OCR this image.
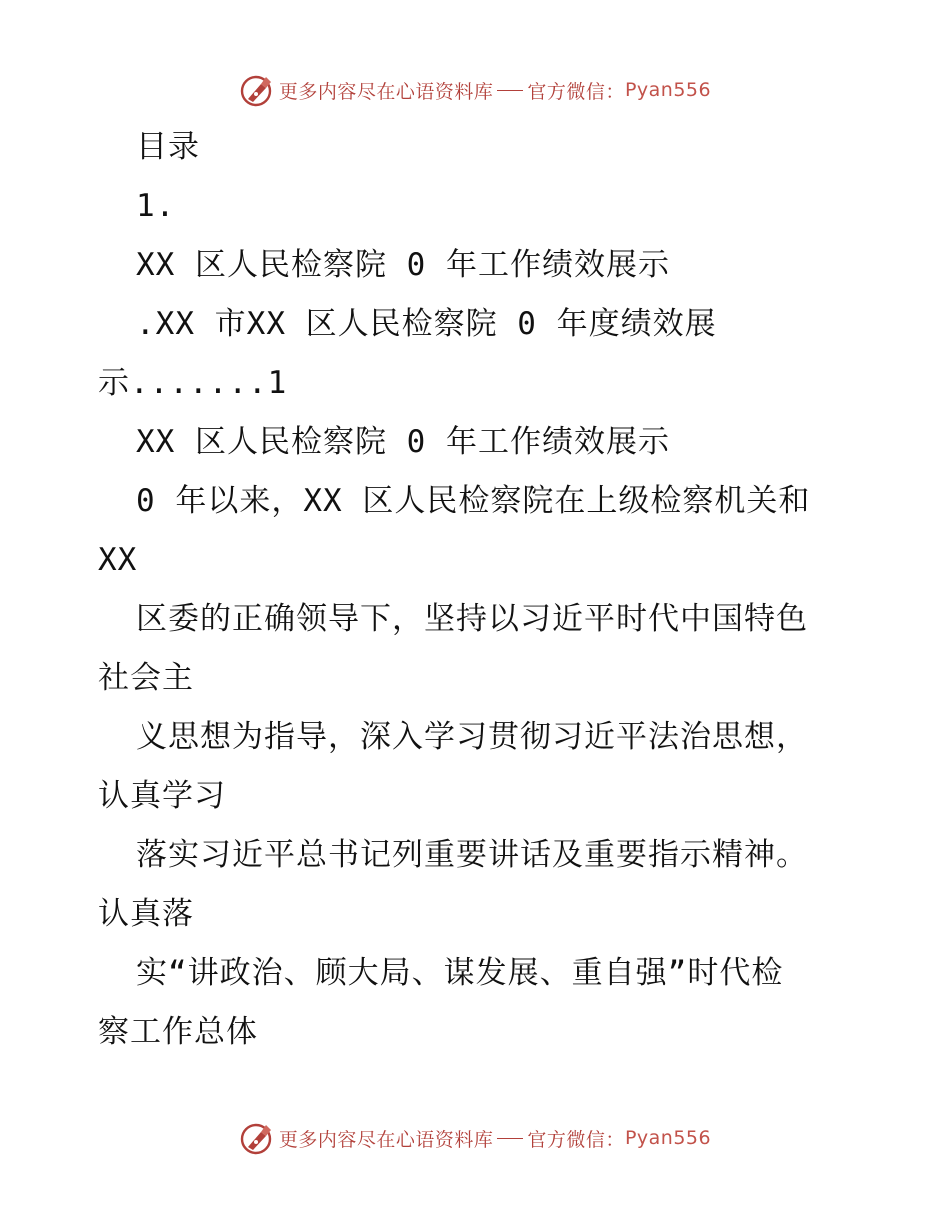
更多内容尽在心语资料库 官方微信： Pyan556
目录
1.
XX 区人民检察院 0 年工作绩效展示
.XX 市XX 区人民检察院 0 年度绩效展
示.......1
XX 区人民检察院 0 年工作绩效展示
0 年以来，XX 区人民检察院在上级检察机关和
XX
区委的正确领导下，坚持以习近平时代中国特色
社会主
义思想为指导，深入学习贯彻习近平法治思想，
认真学习
落实习近平总书记列重要讲话及重要指示精神。
认真落
实“讲政治、顾大局、谋发展、重自强”时代检
察工作总体
更多内容尽在心语资料库 官方微信： Pyan556
